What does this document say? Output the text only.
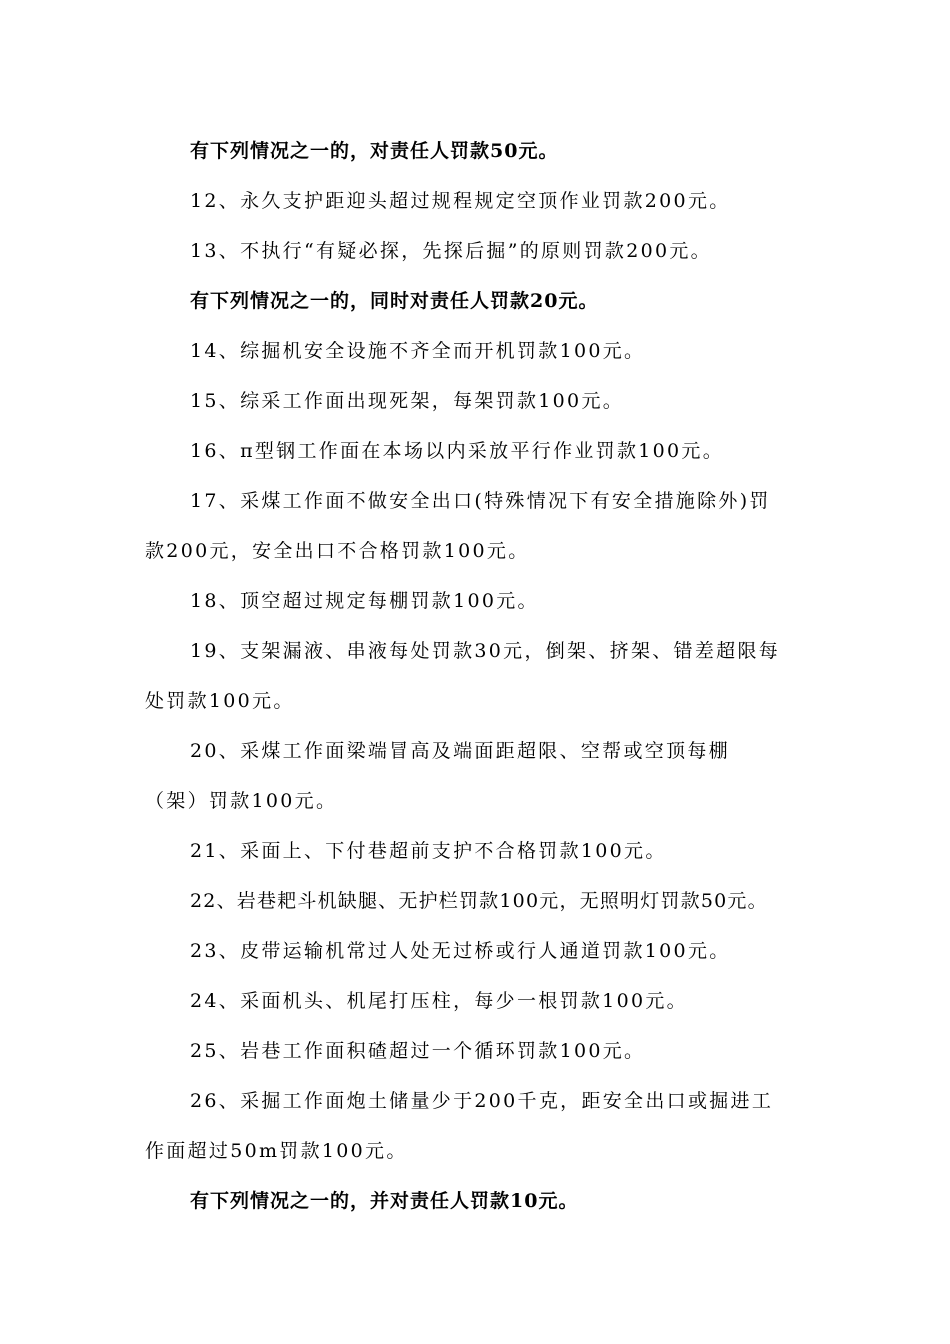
有下列情况之一的，对责任人罚款50元。
12、永久支护距迎头超过规程规定空顶作业罚款200元。
13、不执行“有疑必探，先探后掘”的原则罚款200元。
有下列情况之一的，同时对责任人罚款20元。
14、综掘机安全设施不齐全而开机罚款100元。
15、综采工作面出现死架，每架罚款100元。
16、π型钢工作面在本场以内采放平行作业罚款100元。
17、采煤工作面不做安全出口(特殊情况下有安全措施除外)罚
款200元，安全出口不合格罚款100元。
18、顶空超过规定每棚罚款100元。
19、支架漏液、串液每处罚款30元，倒架、挤架、错差超限每
处罚款100元。
20、采煤工作面梁端冒高及端面距超限、空帮或空顶每棚
（架）罚款100元。
21、采面上、下付巷超前支护不合格罚款100元。
22、岩巷耙斗机缺腿、无护栏罚款100元，无照明灯罚款50元。
23、皮带运输机常过人处无过桥或行人通道罚款100元。
24、采面机头、机尾打压柱，每少一根罚款100元。
25、岩巷工作面积碴超过一个循环罚款100元。
26、采掘工作面炮土储量少于200千克，距安全出口或掘进工
作面超过50m罚款100元。
有下列情况之一的，并对责任人罚款10元。
